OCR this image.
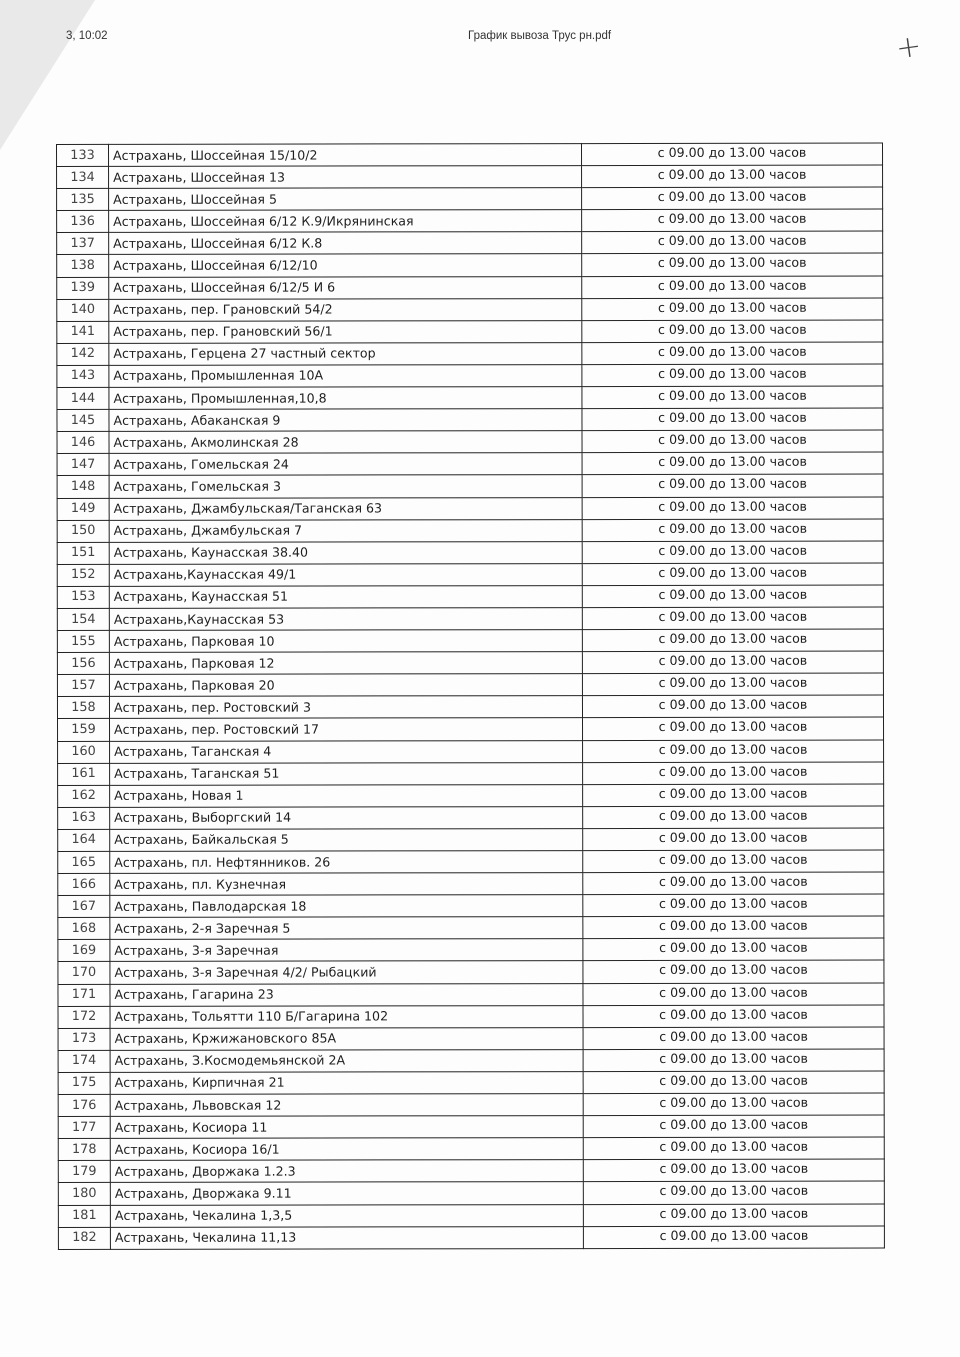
3, 10:02	График вывоза Трус рн.pdf	+
133	Астрахань, Шоссейная 15/10/2	с 09.00 до 13.00 часов
134	Астрахань, Шоссейная 13	с 09.00 до 13.00 часов
135	Астрахань, Шоссейная 5	с 09.00 до 13.00 часов
136	Астрахань, Шоссейная 6/12 К.9/Икрянинская	с 09.00 до 13.00 часов
137	Астрахань, Шоссейная 6/12 К.8	с 09.00 до 13.00 часов
138	Астрахань, Шоссейная 6/12/10	с 09.00 до 13.00 часов
139	Астрахань, Шоссейная 6/12/5 И 6	с 09.00 до 13.00 часов
140	Астрахань, пер. Грановский 54/2	с 09.00 до 13.00 часов
141	Астрахань, пер. Грановский 56/1	с 09.00 до 13.00 часов
142	Астрахань, Герцена 27 частный сектор	с 09.00 до 13.00 часов
143	Астрахань, Промышленная 10А	с 09.00 до 13.00 часов
144	Астрахань, Промышленная,10,8	с 09.00 до 13.00 часов
145	Астрахань, Абаканская 9	с 09.00 до 13.00 часов
146	Астрахань, Акмолинская 28	с 09.00 до 13.00 часов
147	Астрахань, Гомельская 24	с 09.00 до 13.00 часов
148	Астрахань, Гомельская 3	с 09.00 до 13.00 часов
149	Астрахань, Джамбульская/Таганская 63	с 09.00 до 13.00 часов
150	Астрахань, Джамбульская 7	с 09.00 до 13.00 часов
151	Астрахань, Каунасская 38.40	с 09.00 до 13.00 часов
152	Астрахань,Каунасская 49/1	с 09.00 до 13.00 часов
153	Астрахань, Каунасская 51	с 09.00 до 13.00 часов
154	Астрахань,Каунасская 53	с 09.00 до 13.00 часов
155	Астрахань, Парковая 10	с 09.00 до 13.00 часов
156	Астрахань, Парковая 12	с 09.00 до 13.00 часов
157	Астрахань, Парковая 20	с 09.00 до 13.00 часов
158	Астрахань, пер. Ростовский 3	с 09.00 до 13.00 часов
159	Астрахань, пер. Ростовский 17	с 09.00 до 13.00 часов
160	Астрахань, Таганская 4	с 09.00 до 13.00 часов
161	Астрахань, Таганская 51	с 09.00 до 13.00 часов
162	Астрахань, Новая 1	с 09.00 до 13.00 часов
163	Астрахань, Выборгский 14	с 09.00 до 13.00 часов
164	Астрахань, Байкальская 5	с 09.00 до 13.00 часов
165	Астрахань, пл. Нефтянников. 26	с 09.00 до 13.00 часов
166	Астрахань, пл. Кузнечная	с 09.00 до 13.00 часов
167	Астрахань, Павлодарская 18	с 09.00 до 13.00 часов
168	Астрахань, 2-я Заречная 5	с 09.00 до 13.00 часов
169	Астрахань, 3-я Заречная	с 09.00 до 13.00 часов
170	Астрахань, 3-я Заречная 4/2/ Рыбацкий	с 09.00 до 13.00 часов
171	Астрахань, Гагарина 23	с 09.00 до 13.00 часов
172	Астрахань, Тольятти 110 Б/Гагарина 102	с 09.00 до 13.00 часов
173	Астрахань, Кржижановского 85А	с 09.00 до 13.00 часов
174	Астрахань, З.Космодемьянской 2А	с 09.00 до 13.00 часов
175	Астрахань, Кирпичная 21	с 09.00 до 13.00 часов
176	Астрахань, Львовская 12	с 09.00 до 13.00 часов
177	Астрахань, Косиора 11	с 09.00 до 13.00 часов
178	Астрахань, Косиора 16/1	с 09.00 до 13.00 часов
179	Астрахань, Дворжака 1.2.3	с 09.00 до 13.00 часов
180	Астрахань, Дворжака 9.11	с 09.00 до 13.00 часов
181	Астрахань, Чекалина 1,3,5	с 09.00 до 13.00 часов
182	Астрахань, Чекалина 11,13	с 09.00 до 13.00 часов
